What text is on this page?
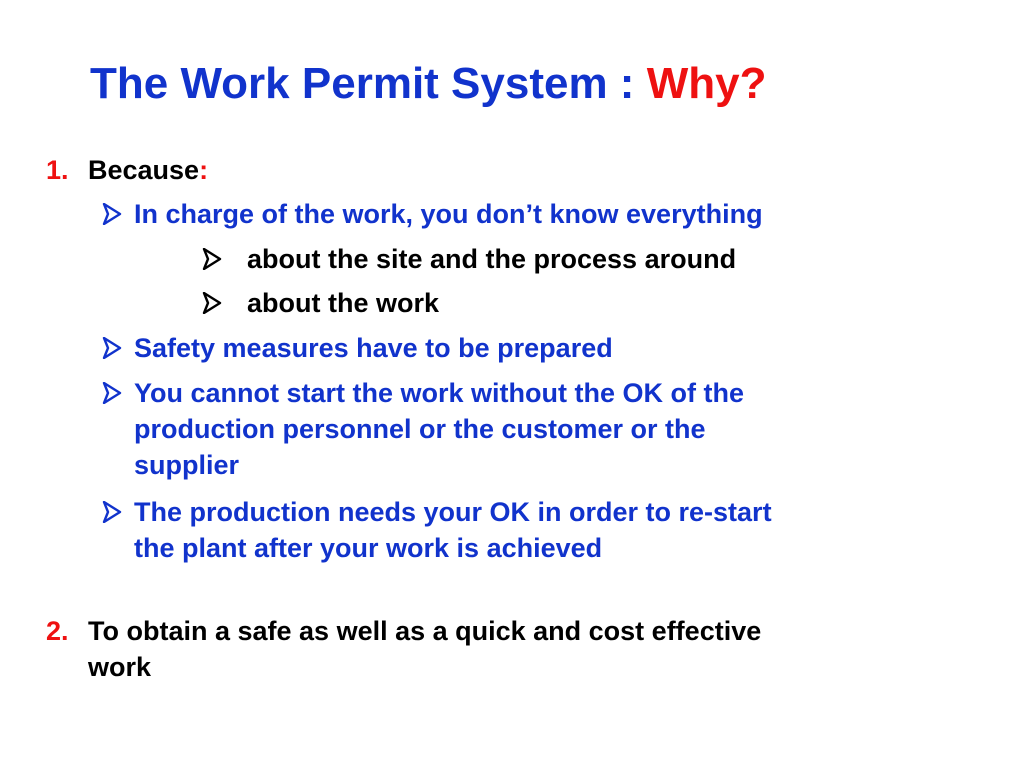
The Work Permit System : Why?
1. Because:
In charge of the work, you don’t know everything
about the site and the process around
about the work
Safety measures have to be prepared
You cannot start the work without the OK of the
production personnel or the customer or the
supplier
The production needs your OK in order to re-start
the plant after your work is achieved
2. To obtain a safe as well as a quick and cost effective
work
